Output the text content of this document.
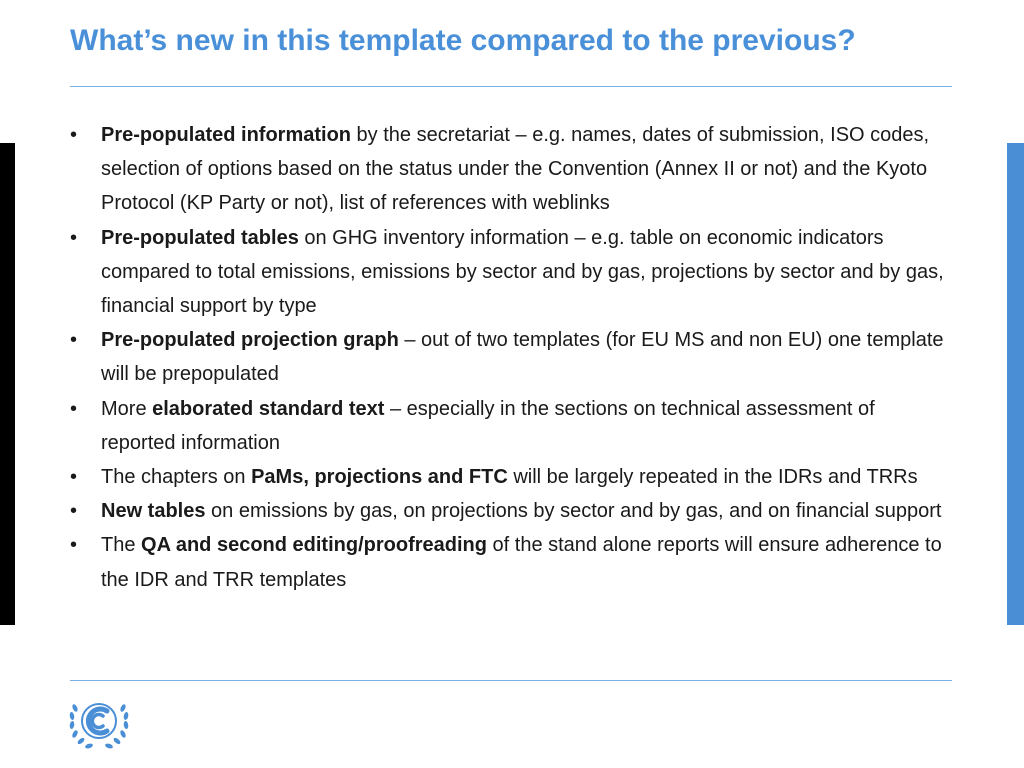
What’s new in this template compared to the previous?
• Pre-populated information by the secretariat – e.g. names, dates of submission, ISO codes, selection of options based on the status under the Convention (Annex II or not) and the Kyoto Protocol (KP Party or not), list of references with weblinks
• Pre-populated tables on GHG inventory information – e.g. table on economic indicators compared to total emissions, emissions by sector and by gas, projections by sector and by gas, financial support by type
• Pre-populated projection graph – out of two templates (for EU MS and non EU) one template will be prepopulated
• More elaborated standard text – especially in the sections on technical assessment of reported information
• The chapters on PaMs, projections and FTC will be largely repeated in the IDRs and TRRs
• New tables on emissions by gas, on projections by sector and by gas, and on financial support
• The QA and second editing/proofreading of the stand alone reports will ensure adherence to the IDR and TRR templates
